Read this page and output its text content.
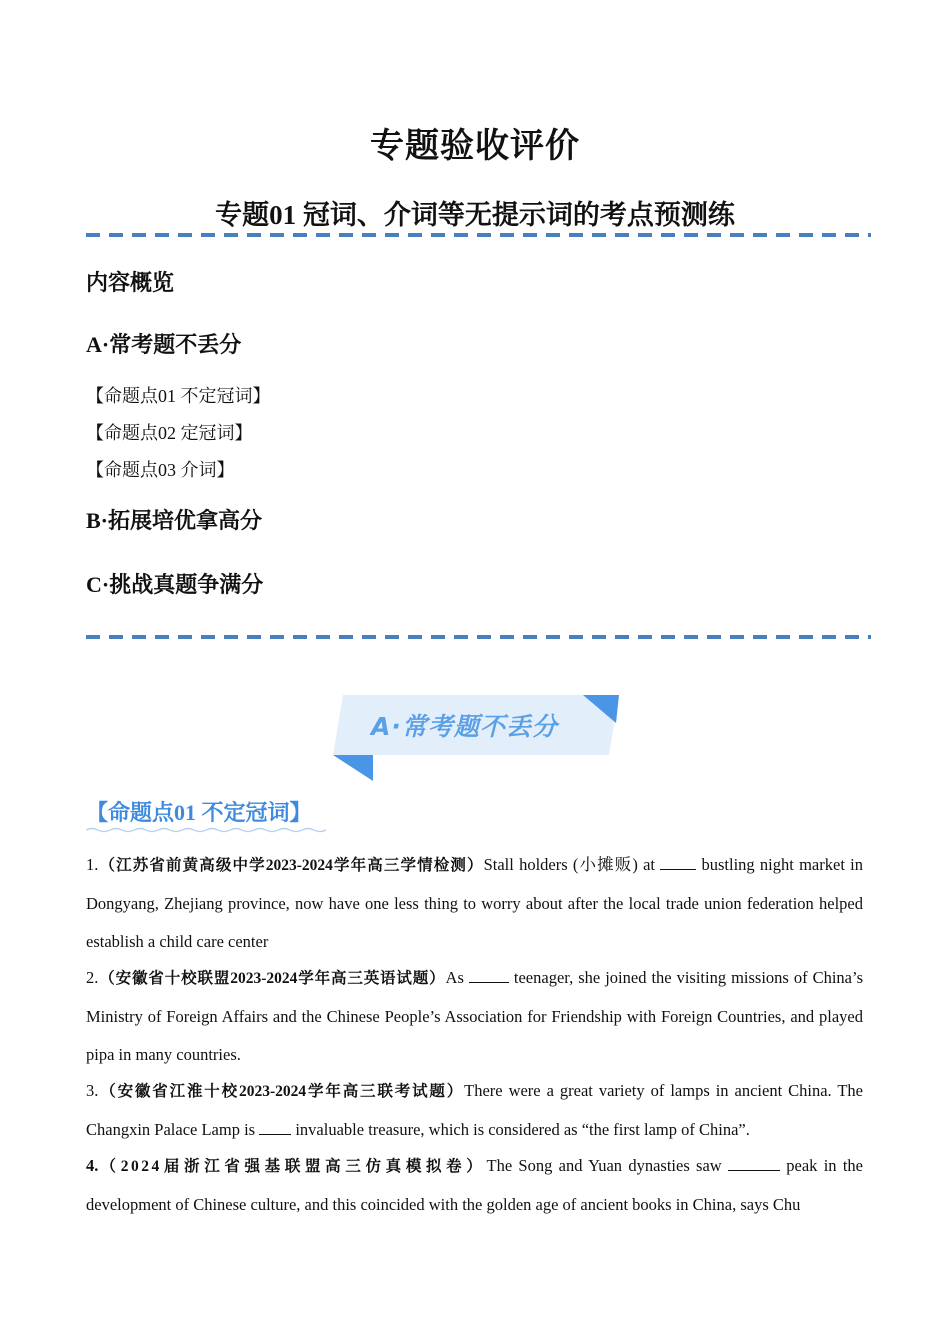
专题验收评价
专题01 冠词、介词等无提示词的考点预测练
内容概览
A·常考题不丢分
【命题点01 不定冠词】
【命题点02 定冠词】
【命题点03 介词】
B·拓展培优拿高分
C·挑战真题争满分
A·常考题不丢分
【命题点01 不定冠词】
1.（江苏省前黄高级中学2023-2024学年高三学情检测）Stall holders (小摊贩) at  bustling night market in Dongyang, Zhejiang province, now have one less thing to worry about after the local trade union federation helped establish a child care center
2.（安徽省十校联盟2023-2024学年高三英语试题）As  teenager, she joined the visiting missions of China’s Ministry of Foreign Affairs and the Chinese People’s Association for Friendship with Foreign Countries, and played pipa in many countries.
3.（安徽省江淮十校2023-2024学年高三联考试题）There were a great variety of lamps in ancient China. The Changxin Palace Lamp is  invaluable treasure, which is considered as “the first lamp of China”.
4.（2024届浙江省强基联盟高三仿真模拟卷）The Song and Yuan dynasties saw	peak in the development of Chinese culture, and this coincided with the golden age of ancient books in China, says Chu
